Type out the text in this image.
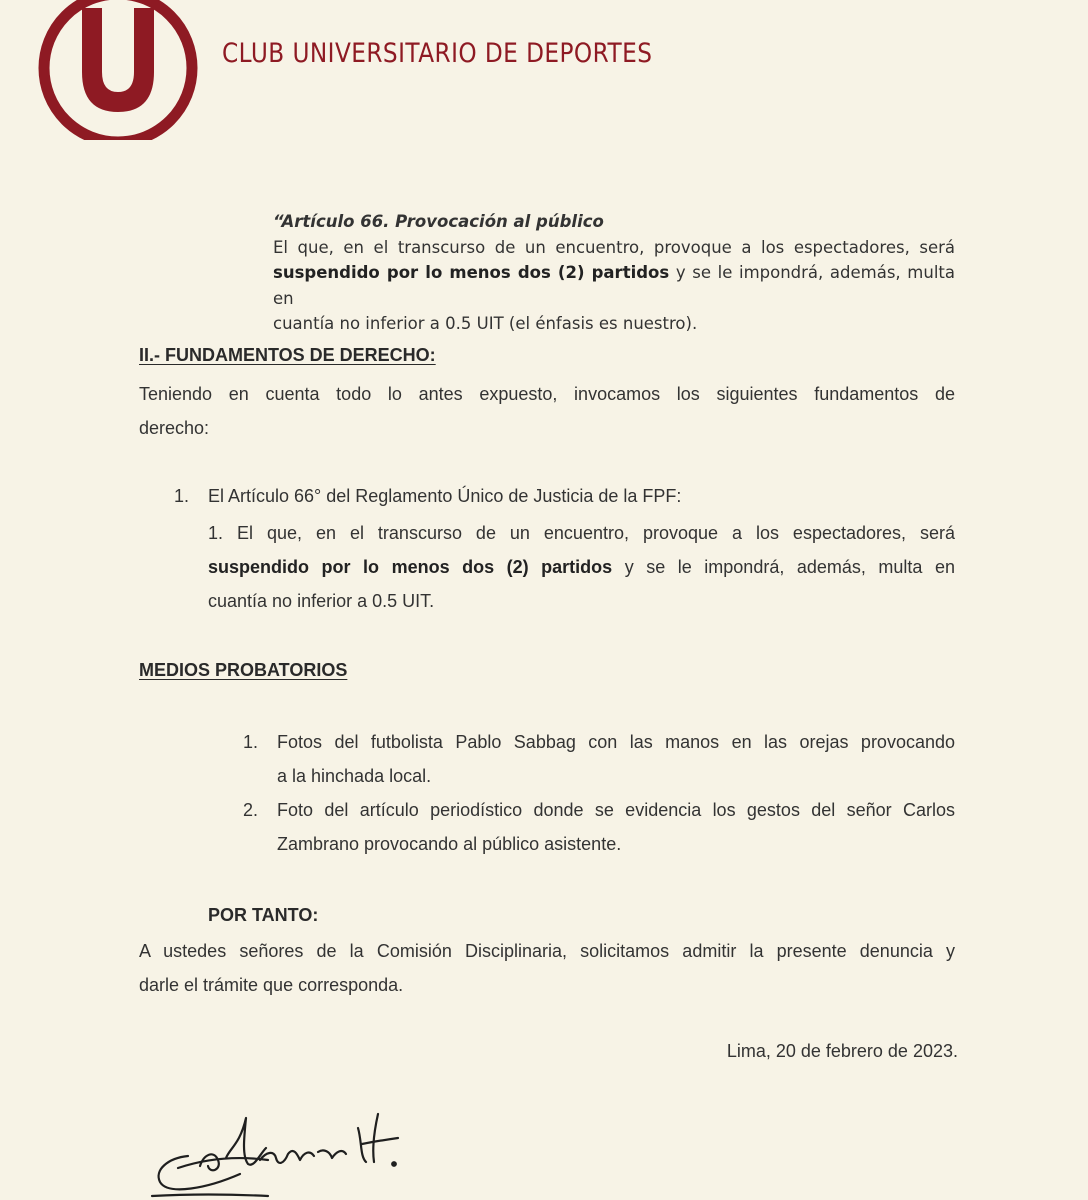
CLUB UNIVERSITARIO DE DEPORTES

“Artículo 66. Provocación al público

El que, en el transcurso de un encuentro, provoque a los espectadores, será

suspendido por lo menos dos (2) partidos y se le impondrá, además, multa en

cuantía no inferior a 0.5 UIT (el énfasis es nuestro).

II.- FUNDAMENTOS DE DERECHO:
Teniendo en cuenta todo lo antes expuesto, invocamos los siguientes fundamentos de
derecho:
1. El Artículo 66° del Reglamento Único de Justicia de la FPF:
1. El que, en el transcurso de un encuentro, provoque a los espectadores, será
suspendido por lo menos dos (2) partidos y se le impondrá, además, multa en
cuantía no inferior a 0.5 UIT.
MEDIOS PROBATORIOS
1. Fotos del futbolista Pablo Sabbag con las manos en las orejas provocando
a la hinchada local.
2. Foto del artículo periodístico donde se evidencia los gestos del señor Carlos
Zambrano provocando al público asistente.
POR TANTO:
A ustedes señores de la Comisión Disciplinaria, solicitamos admitir la presente denuncia y
darle el trámite que corresponda.
Lima, 20 de febrero de 2023.
